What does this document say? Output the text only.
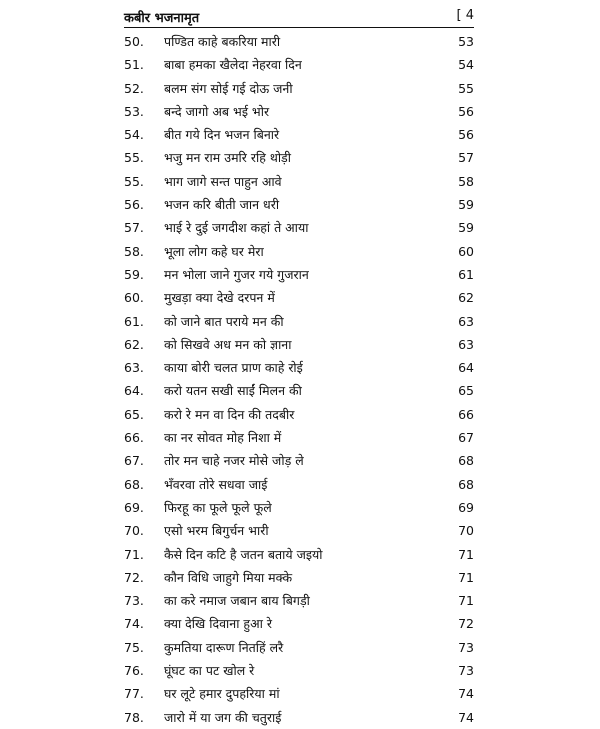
कबीर भजनामृत	[ 4
50.	पण्डित काहे बकरिया मारी	53
51.	बाबा हमका खैलेदा नेहरवा दिन	54
52.	बलम संग सोई गई दोऊ जनी	55
53.	बन्दे जागो अब भई भोर	56
54.	बीत गये दिन भजन बिनारे	56
55.	भजु मन राम उमरि रहि थोड़ी	57
55.	भाग जागे सन्त पाहुन आवे	58
56.	भजन करि बीती जान धरी	59
57.	भाई रे दुई जगदीश कहां ते आया	59
58.	भूला लोग कहे घर मेरा	60
59.	मन भोला जाने गुजर गये गुजरान	61
60.	मुखड़ा क्या देखे दरपन में	62
61.	को जाने बात पराये मन की	63
62.	को सिखवे अध मन को ज्ञाना	63
63.	काया बोरी चलत प्राण काहे रोई	64
64.	करो यतन सखी साईं मिलन की	65
65.	करो रे मन वा दिन की तदबीर	66
66.	का नर सोवत मोह निशा में	67
67.	तोर मन चाहे नजर मोसे जोड़ ले	68
68.	भँवरवा तोरे सधवा जाई	68
69.	फिरहू का फूले फूले फूले	69
70.	एसो भरम बिगुर्चन भारी	70
71.	कैसे दिन कटि है जतन बताये जइयो	71
72.	कौन विधि जाहुगे मिया मक्के	71
73.	का करे नमाज जबान बाय बिगड़ी	71
74.	क्या देखि दिवाना हुआ रे	72
75.	कुमतिया दारूण नितहिं लरै	73
76.	घूंघट का पट खोल रे	73
77.	घर लूटे हमार दुपहरिया मां	74
78.	जारो में या जग की चतुराई	74
